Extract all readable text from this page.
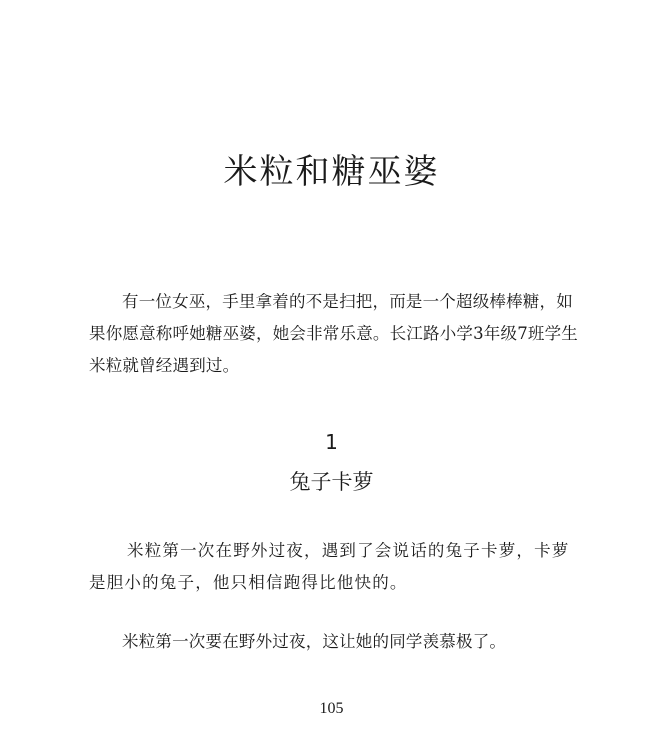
米粒和糖巫婆

有一位女巫，手里拿着的不是扫把，而是一个超级棒棒糖，如果你愿意称呼她糖巫婆，她会非常乐意。长江路小学3年级7班学生米粒就曾经遇到过。

1
兔子卡萝

米粒第一次在野外过夜，遇到了会说话的兔子卡萝，卡萝是胆小的兔子，他只相信跑得比他快的。

米粒第一次要在野外过夜，这让她的同学羡慕极了。

105
